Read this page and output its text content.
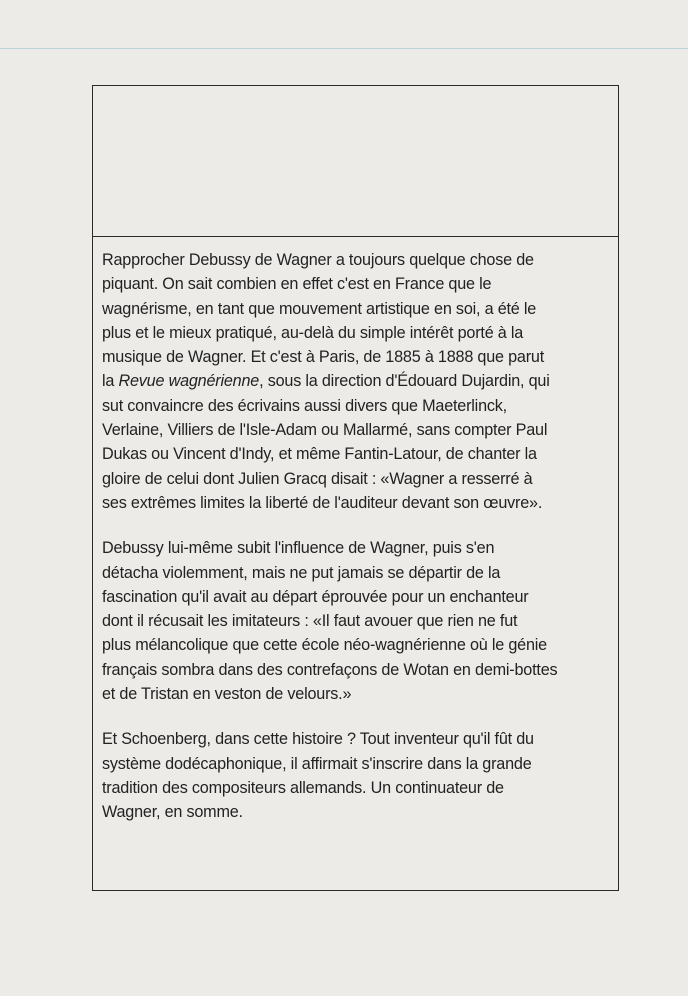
Rapprocher Debussy de Wagner a toujours quelque chose de
piquant. On sait combien en effet c'est en France que le
wagnérisme, en tant que mouvement artistique en soi, a été le
plus et le mieux pratiqué, au-delà du simple intérêt porté à la
musique de Wagner. Et c'est à Paris, de 1885 à 1888 que parut
la Revue wagnérienne, sous la direction d'Édouard Dujardin, qui
sut convaincre des écrivains aussi divers que Maeterlinck,
Verlaine, Villiers de l'Isle-Adam ou Mallarmé, sans compter Paul
Dukas ou Vincent d'Indy, et même Fantin-Latour, de chanter la
gloire de celui dont Julien Gracq disait : «Wagner a resserré à
ses extrêmes limites la liberté de l'auditeur devant son œuvre».

Debussy lui-même subit l'influence de Wagner, puis s'en
détacha violemment, mais ne put jamais se départir de la
fascination qu'il avait au départ éprouvée pour un enchanteur
dont il récusait les imitateurs : «Il faut avouer que rien ne fut
plus mélancolique que cette école néo-wagnérienne où le génie
français sombra dans des contrefaçons de Wotan en demi-bottes
et de Tristan en veston de velours.»

Et Schoenberg, dans cette histoire ? Tout inventeur qu'il fût du
système dodécaphonique, il affirmait s'inscrire dans la grande
tradition des compositeurs allemands. Un continuateur de
Wagner, en somme.
